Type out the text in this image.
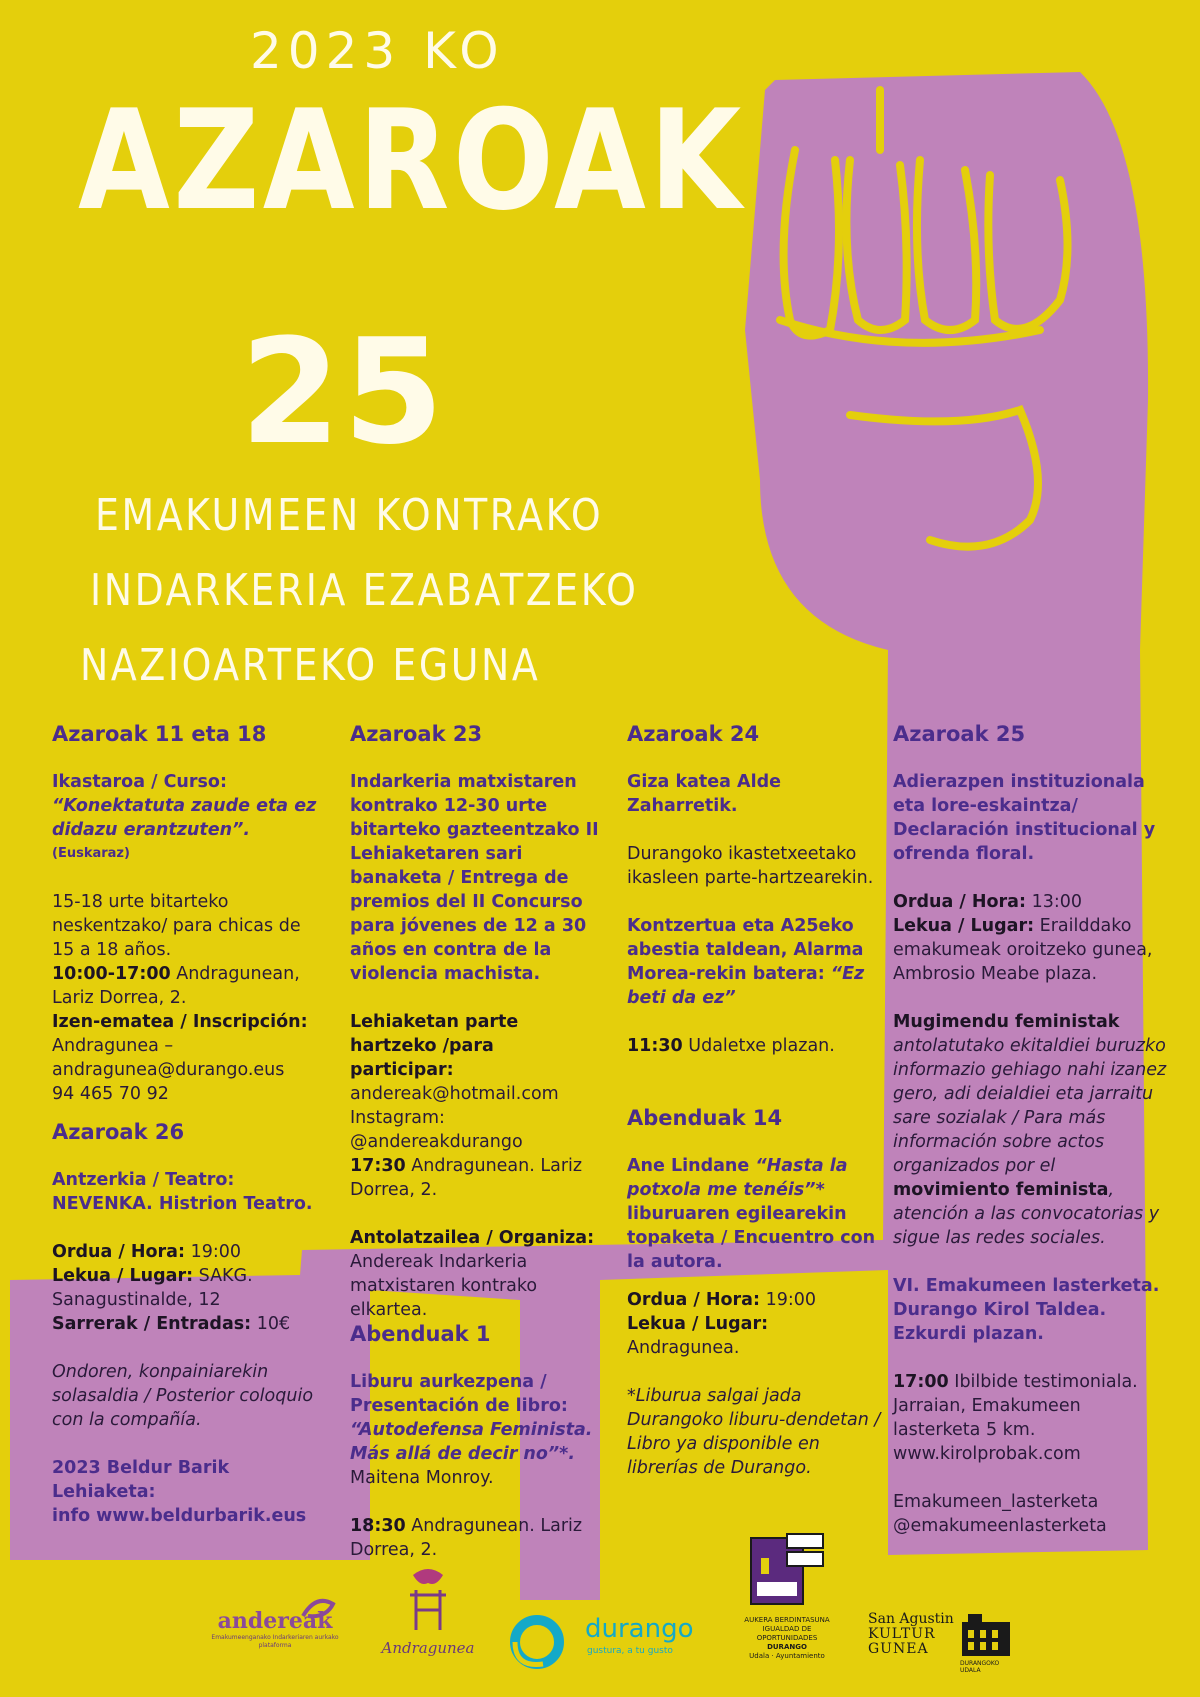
2023 KO
AZAROAK
25
EMAKUMEEN KONTRAKO
INDARKERIA EZABATZEKO
NAZIOARTEKO EGUNA

Azaroak 11 eta 18

Ikastaroa / Curso:

“Konektatuta zaude eta ez didazu erantzuten”.

(Euskaraz)

15-18 urte bitarteko neskentzako/ para chicas de 15 a 18 años.

10:00-17:00 Andragunean, Lariz Dorrea, 2.

Izen-ematea / Inscripción:

Andragunea – andragunea@durango.eus

94 465 70 92

Azaroak 26

Antzerkia / Teatro:

NEVENKA. Histrion Teatro.

Ordua / Hora: 19:00

Lekua / Lugar: SAKG. Sanagustinalde, 12

Sarrerak / Entradas: 10€

Ondoren, konpainiarekin solasaldia / Posterior coloquio con la compañía.

2023 Beldur Barik Lehiaketa:

info www.beldurbarik.eus

Azaroak 23

Indarkeria matxistaren kontrako 12-30 urte bitarteko gazteentzako II Lehiaketaren sari banaketa / Entrega de premios del II Concurso para jóvenes de 12 a 30 años en contra de la violencia machista.

Lehiaketan parte hartzeko /para participar:

andereak@hotmail.com

Instagram: @andereakdurango

17:30 Andragunean. Lariz Dorrea, 2.

Antolatzailea / Organiza:

Andereak Indarkeria matxistaren kontrako elkartea.

Abenduak 1

Liburu aurkezpena / Presentación de libro:

“Autodefensa Feminista. Más allá de decir no”*.

Maitena Monroy.

18:30 Andragunean. Lariz Dorrea, 2.

Azaroak 24

Giza katea Alde Zaharretik.

Durangoko ikastetxeetako ikasleen parte-hartzearekin.

Kontzertua eta A25eko abestia taldean, Alarma Morea-rekin batera: “Ez beti da ez”

11:30 Udaletxe plazan.

Abenduak 14

Ane Lindane “Hasta la potxola me tenéis”* liburuaren egilearekin topaketa / Encuentro con la autora.

Ordua / Hora: 19:00

Lekua / Lugar:

Andragunea.

*Liburua salgai jada Durangoko liburu-dendetan / Libro ya disponible en librerías de Durango.

Azaroak 25

Adierazpen instituzionala eta lore-eskaintza/ Declaración institucional y ofrenda floral.

Ordua / Hora: 13:00

Lekua / Lugar: Erailddako emakumeak oroitzeko gunea, Ambrosio Meabe plaza.

Mugimendu feministak antolatutako ekitaldiei buruzko informazio gehiago nahi izanez gero, adi deialdiei eta jarraitu sare sozialak / Para más información sobre actos organizados por el movimiento feminista, atención a las convocatorias y sigue las redes sociales.

VI. Emakumeen lasterketa. Durango Kirol Taldea. Ezkurdi plazan.

17:00 Ibilbide testimoniala. Jarraian, Emakumeen lasterketa 5 km.

www.kirolprobak.com

Emakumeen_lasterketa

@emakumeenlasterketa

andereak
Emakumeenganako Indarkeriaren aurkako plataforma	Andragunea
durango
gustura, a tu gusto
AUKERA BERDINTASUNA
IGUALDAD DE OPORTUNIDADES
DURANGO
Udala · Ayuntamiento
San Agustin
KULTUR
GUNEA
DURANGOKO UDALA
